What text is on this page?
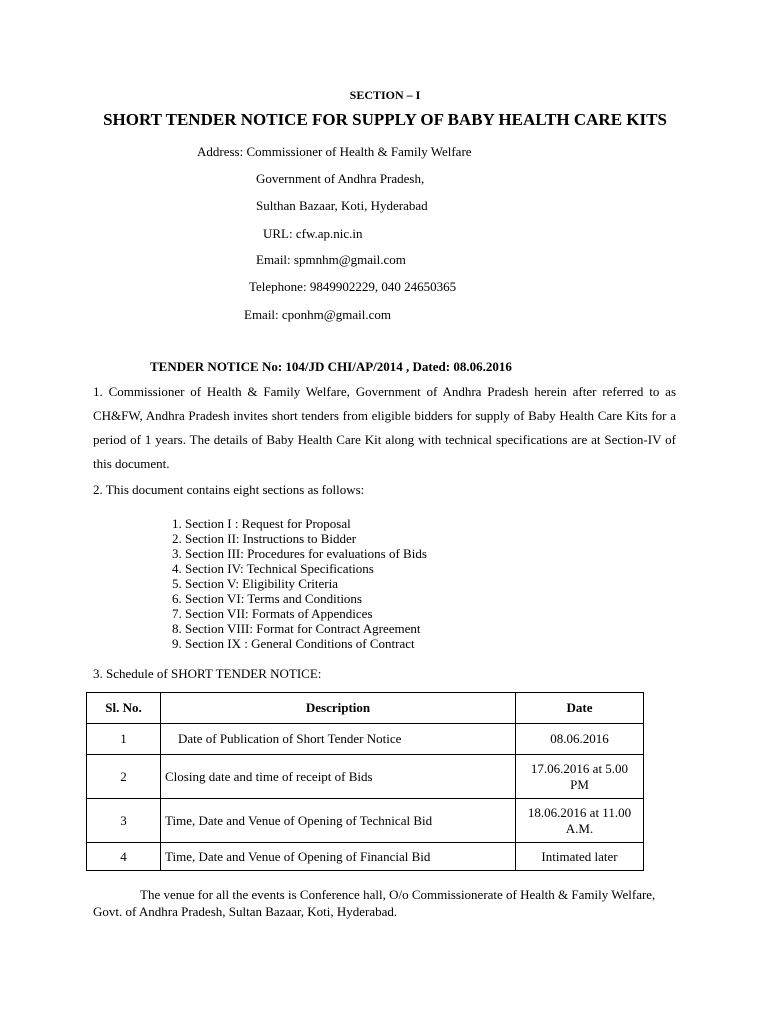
SECTION – I
SHORT TENDER NOTICE FOR SUPPLY OF BABY HEALTH CARE KITS
Address: Commissioner of Health & Family Welfare
Government of Andhra Pradesh,
Sulthan Bazaar, Koti, Hyderabad
URL: cfw.ap.nic.in
Email: spmnhm@gmail.com
Telephone: 9849902229, 040 24650365
Email: cponhm@gmail.com
TENDER NOTICE No: 104/JD CHI/AP/2014 , Dated: 08.06.2016
1. Commissioner of Health & Family Welfare, Government of Andhra Pradesh herein after referred to as CH&FW, Andhra Pradesh invites short tenders from eligible bidders for supply of Baby Health Care Kits for a period of 1 years. The details of Baby Health Care Kit along with technical specifications are at Section-IV of this document.
2. This document contains eight sections as follows:
1. Section I : Request for Proposal
2. Section II: Instructions to Bidder
3. Section III: Procedures for evaluations of Bids
4. Section IV: Technical Specifications
5. Section V: Eligibility Criteria
6. Section VI: Terms and Conditions
7. Section VII: Formats of Appendices
8. Section VIII: Format for Contract Agreement
9. Section IX : General Conditions of Contract
3. Schedule of SHORT TENDER NOTICE:
Sl. No.	Description	Date
1	Date of Publication of Short Tender Notice	08.06.2016
2	Closing date and time of receipt of Bids	17.06.2016 at 5.00 PM
3	Time, Date and Venue of Opening of Technical Bid	18.06.2016 at 11.00 A.M.
4	Time, Date and Venue of Opening of Financial Bid	Intimated later
The venue for all the events is Conference hall, O/o Commissionerate of Health & Family Welfare, Govt. of Andhra Pradesh, Sultan Bazaar, Koti, Hyderabad.
